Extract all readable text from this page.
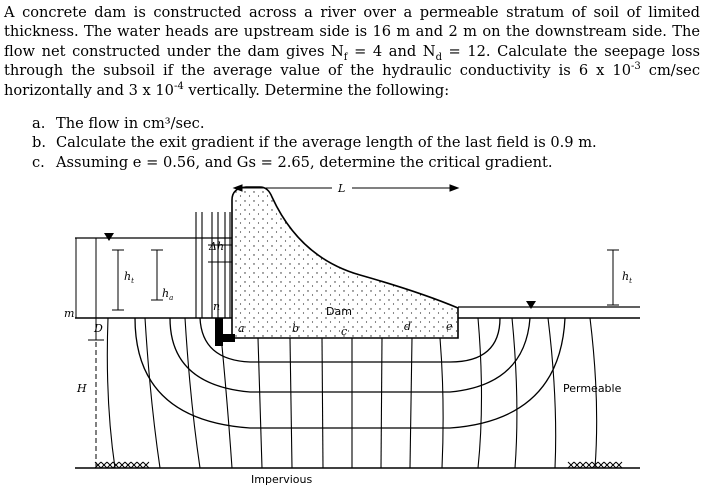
A concrete dam is constructed across a river over a permeable stratum of soil of limited thickness. The water heads are upstream side is 16 m and 2 m on the downstream side. The flow net constructed under the dam gives $N_f = 4$ and $N_d = 12$. Calculate the seepage loss through the subsoil if the average value of the hydraulic conductivity is 6 x $10^{-3}$ cm/sec horizontally and 3 x $10^{-4}$ vertically. Determine the following:
a. The flow in cm³/sec.
b. Calculate the exit gradient if the average length of the last field is 0.9 m.
c. Assuming e = 0.56, and Gs = 2.65, determine the critical gradient.
L
Δh
$h_t$	$h_t$
$h_a$
m
D
H
n
a	b	c	d	e
Dam
Permeable
Impervious
